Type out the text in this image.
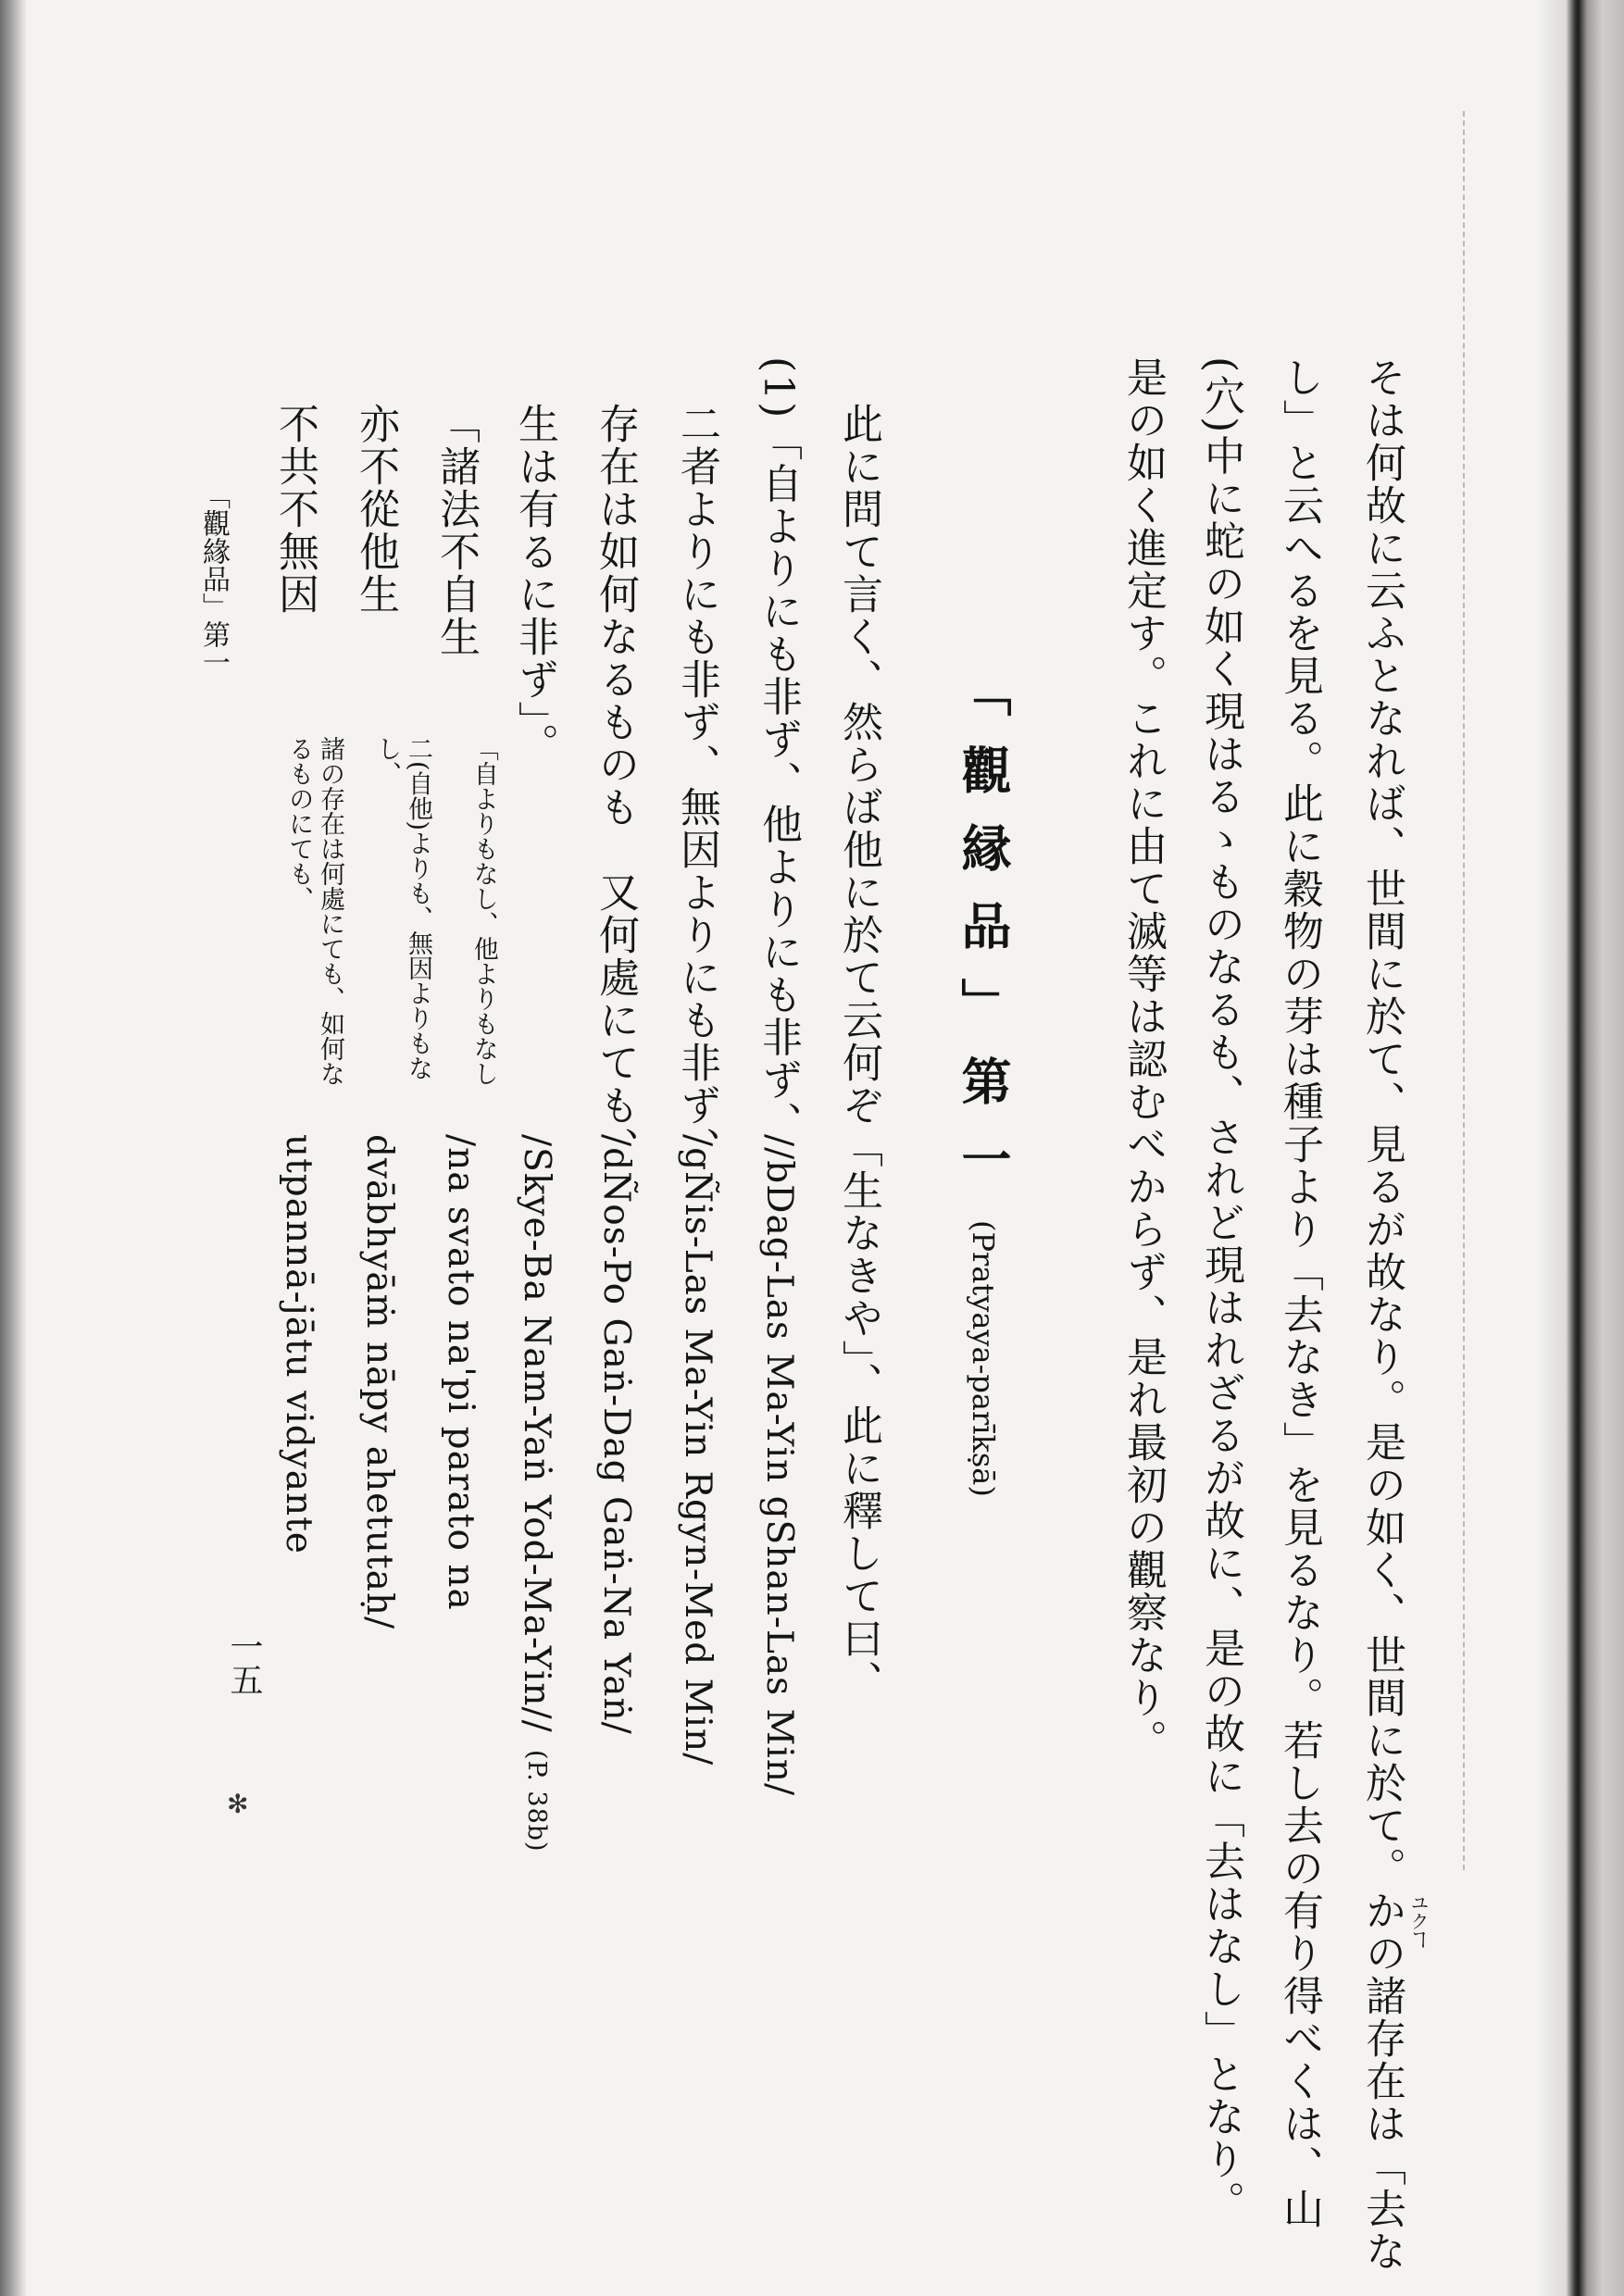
そは何故に云ふとなれば、世間に於て、見るが故なり。是の如く、世間に於て。かの諸存在は「去な ユクヿ
し」と云へるを見る。此に穀物の芽は種子より「去なき」を見るなり。若し去の有り得べくは、山
(穴)中に蛇の如く現はるゝものなるも、されど現はれざるが故に、是の故に「去はなし」となり。
是の如く進定す。これに由て滅等は認むべからず、是れ最初の觀察なり。
「觀縁品」第一(Pratyaya-parīkṣā)
此に問て言く、然らば他に於て云何ぞ「生なきや」、此に釋して曰、
(1)「自よりにも非ず、他よりにも非ず、
//bDag-Las Ma-Yin gShan-Las Min/
二者よりにも非ず、無因よりにも非ず、
/gÑis-Las Ma-Yin Rgyn-Med Min/
存在は如何なるものも　又何處にても、
/dÑos-Po Gaṅ-Dag Gaṅ-Na Yaṅ/
生は有るに非ず」。
/Skye-Ba Nam-Yaṅ Yod-Ma-Yin//(P. 38b)
「諸法不自生
「自よりもなし、他よりもなし
/na svato na'pi parato na
亦不從他生
二(自他)よりも、無因よりもな
し、
dvābhyāṁ nāpy ahetutaḥ/
不共不無因
諸の存在は何處にても、如何な
るものにても、
utpannā-jātu vidyante
「觀緣品」第一
一五
✻
